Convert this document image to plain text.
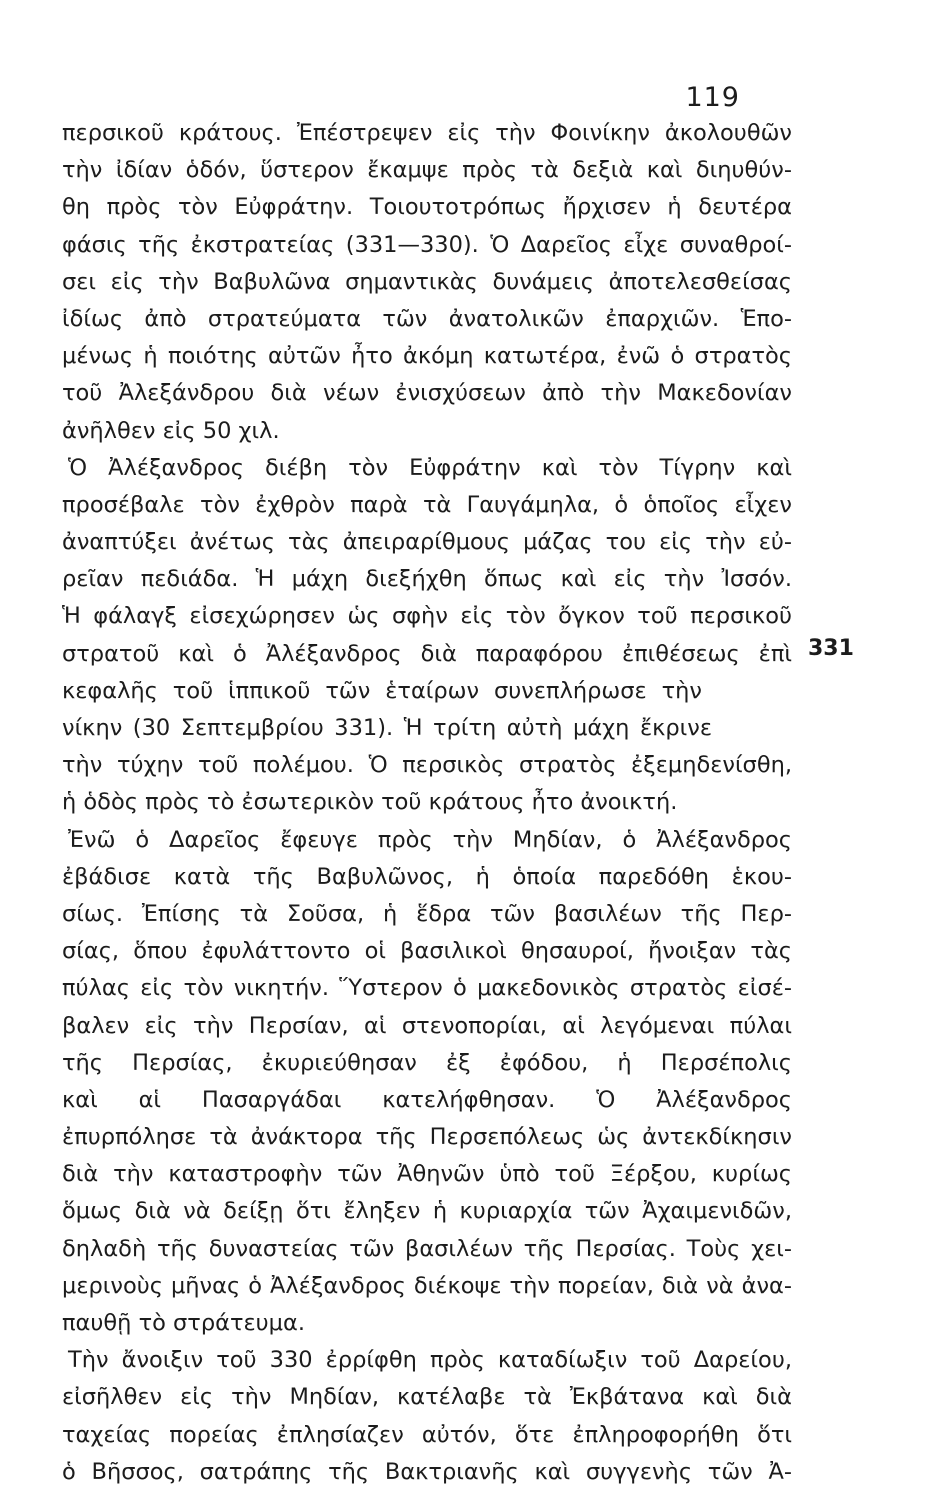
119
331
περσικοῦ κράτους. Ἐπέστρεψεν εἰς τὴν Φοινίκην ἀκολουθῶν
τὴν ἰδίαν ὁδόν, ὕστερον ἔκαμψε πρὸς τὰ δεξιὰ καὶ διηυθύν-
θη πρὸς τὸν Εὐφράτην. Τοιουτοτρόπως ἤρχισεν ἡ δευτέρα
φάσις τῆς ἐκστρατείας (331—330). Ὁ Δαρεῖος εἶχε συναθροί-
σει εἰς τὴν Βαβυλῶνα σημαντικὰς δυνάμεις ἀποτελεσθείσας
ἰδίως ἀπὸ στρατεύματα τῶν ἀνατολικῶν ἐπαρχιῶν. Ἑπο-
μένως ἡ ποιότης αὐτῶν ἦτο ἀκόμη κατωτέρα, ἐνῶ ὁ στρατὸς
τοῦ Ἀλεξάνδρου διὰ νέων ἐνισχύσεων ἀπὸ τὴν Μακεδονίαν
ἀνῆλθεν εἰς 50 χιλ.
Ὁ Ἀλέξανδρος διέβη τὸν Εὐφράτην καὶ τὸν Τίγρην καὶ
προσέβαλε τὸν ἐχθρὸν παρὰ τὰ Γαυγάμηλα, ὁ ὁποῖος εἶχεν
ἀναπτύξει ἀνέτως τὰς ἀπειραρίθμους μάζας του εἰς τὴν εὐ-
ρεῖαν πεδιάδα. Ἡ μάχη διεξήχθη ὅπως καὶ εἰς τὴν Ἰσσόν.
Ἡ φάλαγξ εἰσεχώρησεν ὡς σφὴν εἰς τὸν ὄγκον τοῦ περσικοῦ
στρατοῦ καὶ ὁ Ἀλέξανδρος διὰ παραφόρου ἐπιθέσεως ἐπὶ
κεφαλῆς τοῦ ἱππικοῦ τῶν ἑταίρων συνεπλήρωσε τὴν
νίκην (30 Σεπτεμβρίου 331). Ἡ τρίτη αὐτὴ μάχη ἔκρινε
τὴν τύχην τοῦ πολέμου. Ὁ περσικὸς στρατὸς ἐξεμηδενίσθη,
ἡ ὁδὸς πρὸς τὸ ἐσωτερικὸν τοῦ κράτους ἦτο ἀνοικτή.
Ἐνῶ ὁ Δαρεῖος ἔφευγε πρὸς τὴν Μηδίαν, ὁ Ἀλέξανδρος
ἐβάδισε κατὰ τῆς Βαβυλῶνος, ἡ ὁποία παρεδόθη ἑκου-
σίως. Ἐπίσης τὰ Σοῦσα, ἡ ἕδρα τῶν βασιλέων τῆς Περ-
σίας, ὅπου ἐφυλάττοντο οἱ βασιλικοὶ θησαυροί, ἤνοιξαν τὰς
πύλας εἰς τὸν νικητήν. Ὕστερον ὁ μακεδονικὸς στρατὸς εἰσέ-
βαλεν εἰς τὴν Περσίαν, αἱ στενοπορίαι, αἱ λεγόμεναι πύλαι
τῆς Περσίας, ἐκυριεύθησαν ἐξ ἐφόδου, ἡ Περσέπολις
καὶ αἱ Πασαργάδαι κατελήφθησαν. Ὁ Ἀλέξανδρος
ἐπυρπόλησε τὰ ἀνάκτορα τῆς Περσεπόλεως ὡς ἀντεκδίκησιν
διὰ τὴν καταστροφὴν τῶν Ἀθηνῶν ὑπὸ τοῦ Ξέρξου, κυρίως
ὅμως διὰ νὰ δείξῃ ὅτι ἔληξεν ἡ κυριαρχία τῶν Ἀχαιμενιδῶν,
δηλαδὴ τῆς δυναστείας τῶν βασιλέων τῆς Περσίας. Τοὺς χει-
μερινοὺς μῆνας ὁ Ἀλέξανδρος διέκοψε τὴν πορείαν, διὰ νὰ ἀνα-
παυθῇ τὸ στράτευμα.
Τὴν ἄνοιξιν τοῦ 330 ἐρρίφθη πρὸς καταδίωξιν τοῦ Δαρείου,
εἰσῆλθεν εἰς τὴν Μηδίαν, κατέλαβε τὰ Ἐκβάτανα καὶ διὰ
ταχείας πορείας ἐπλησίαζεν αὐτόν, ὅτε ἐπληροφορήθη ὅτι
ὁ Βῆσσος, σατράπης τῆς Βακτριανῆς καὶ συγγενὴς τῶν Ἀ-
